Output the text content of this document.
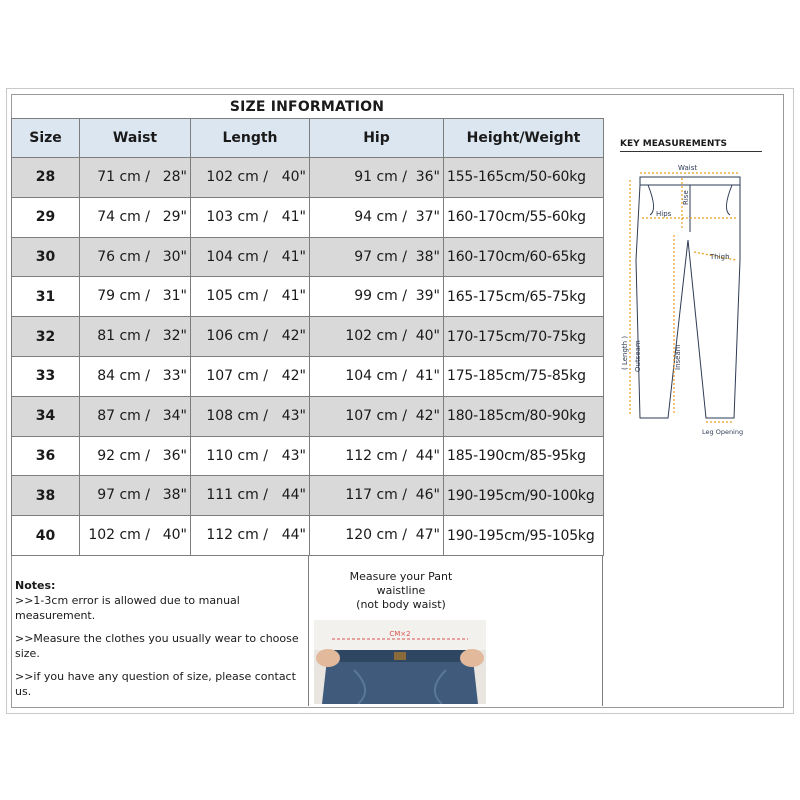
SIZE INFORMATION
Size	Waist	Length	Hip	Height/Weight
28	71 cm / 28"	102 cm / 40"	91 cm / 36"	155-165cm/50-60kg
29	74 cm / 29"	103 cm / 41"	94 cm / 37"	160-170cm/55-60kg
30	76 cm / 30"	104 cm / 41"	97 cm / 38"	160-170cm/60-65kg
31	79 cm / 31"	105 cm / 41"	99 cm / 39"	165-175cm/65-75kg
32	81 cm / 32"	106 cm / 42"	102 cm / 40"	170-175cm/70-75kg
33	84 cm / 33"	107 cm / 42"	104 cm / 41"	175-185cm/75-85kg
34	87 cm / 34"	108 cm / 43"	107 cm / 42"	180-185cm/80-90kg
36	92 cm / 36"	110 cm / 43"	112 cm / 44"	185-190cm/85-95kg
38	97 cm / 38"	111 cm / 44"	117 cm / 46"	190-195cm/90-100kg
40	102 cm / 40"	112 cm / 44"	120 cm / 47"	190-195cm/95-105kg
Notes:

>>1-3cm error is allowed due to manual measurement.

>>Measure the clothes you usually wear to choose size.

>>if you have any question of size, please contact us.

Measure your Pant
waistline
(not body waist)
CM×2
KEY MEASUREMENTS
Waist
Rise
Hips
Thigh
( Length ) Outseam	Inseam
Leg Opening
